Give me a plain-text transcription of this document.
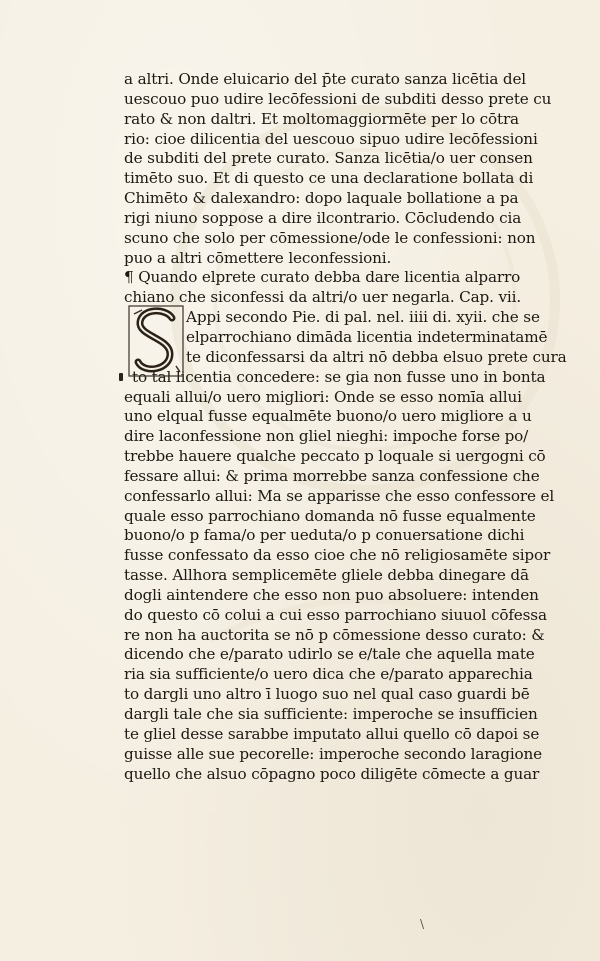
a altri. Onde eluicario del p̄te curato sanza licētia del
uescouo puo udire lecōfessioni de subditi desso prete cu
rato & non daltri. Et moltomaggiormēte per lo cōtra
rio: cioe dilicentia del uescouo sipuo udire lecōfessioni
de subditi del prete curato. Sanza licētia/o uer consen
timēto suo. Et di questo ce una declaratione bollata di
Chimēto & dalexandro: dopo laquale bollatione a pa
rigi niuno soppose a dire ilcontrario. Cōcludendo cia
scuno che solo per cōmessione/ode le confessioni: non
puo a altri cōmettere leconfessioni.
¶ Quando elprete curato debba dare licentia alparro
chiano che siconfessi da altri/o uer negarla. Cap. vii.
Appi secondo Pie. di pal. nel. iiii di. xyii. che se
elparrochiano dimāda licentia indeterminatamē
te diconfessarsi da altri nō debba elsuo prete cura
to tal licentia concedere: se gia non fusse uno in bonta
equali allui/o uero migliori: Onde se esso nomīa allui
uno elqual fusse equalmēte buono/o uero migliore a u
dire laconfessione non gliel nieghi: impoche forse po/
trebbe hauere qualche peccato p loquale si uergogni cō
fessare allui: & prima morrebbe sanza confessione che
confessarlo allui: Ma se apparisse che esso confessore el
quale esso parrochiano domanda nō fusse equalmente
buono/o p fama/o per ueduta/o p conuersatione dichi
fusse confessato da esso cioe che nō religiosamēte sipor
tasse. Allhora semplicemēte gliele debba dinegare dā
dogli aintendere che esso non puo absoluere: intenden
do questo cō colui a cui esso parrochiano siuuol cōfessa
re non ha auctorita se nō p cōmessione desso curato: &
dicendo che e/parato udirlo se e/tale che aquella mate
ria sia sufficiente/o uero dica che e/parato apparechia
to dargli uno altro ī luogo suo nel qual caso guardi bē
dargli tale che sia sufficiente: imperoche se insufficien
te gliel desse sarabbe imputato allui quello cō dapoi se
guisse alle sue pecorelle: imperoche secondo laragione
quello che alsuo cōpagno poco diligēte cōmecte a guar
\
